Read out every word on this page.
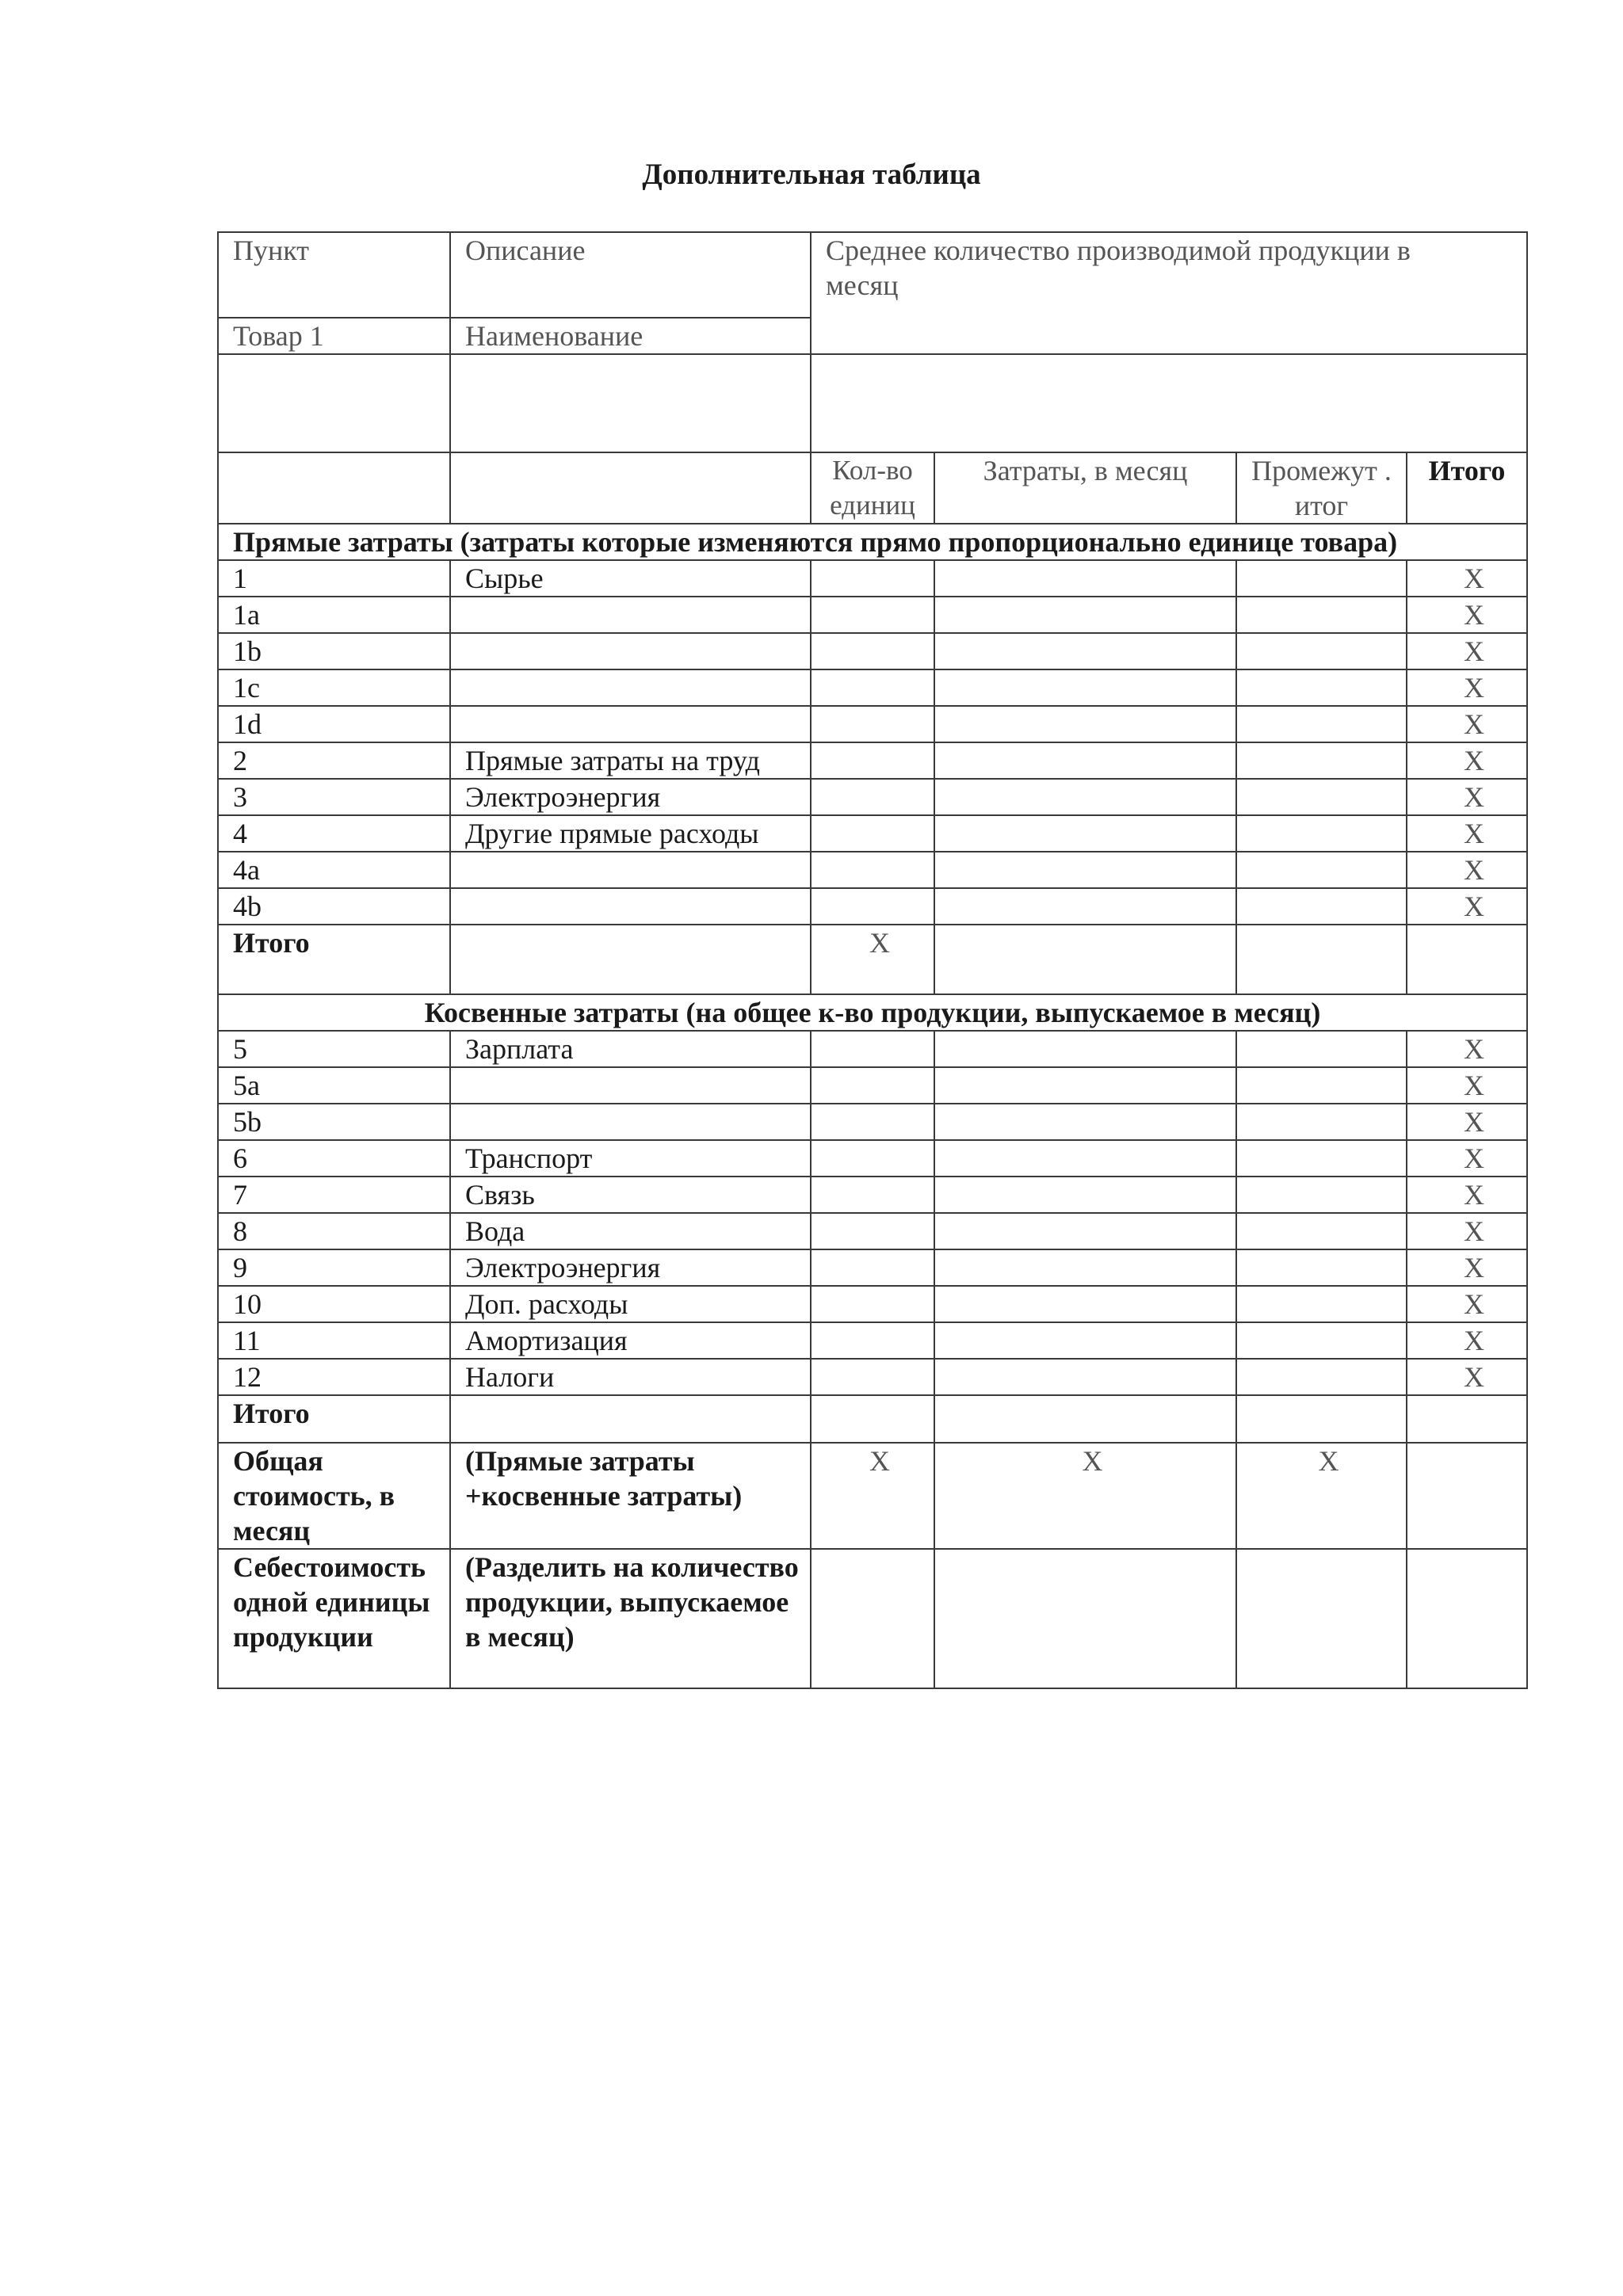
Дополнительная таблица
Пункт	Описание	Среднее количество производимой продукции в месяц			
Товар 1	Наименование				

		Кол-во единиц	Затраты, в месяц	Промежут . итог	Итого
Прямые затраты (затраты которые изменяются прямо пропорционально единице товара)					
1	Сырье				X
1a					X
1b					X
1c					X
1d					X
2	Прямые затраты на труд				X
3	Электроэнергия				X
4	Другие прямые расходы				X
4a					X
4b					X
Итого		X			
Косвенные затраты (на общее к-во продукции, выпускаемое в месяц)					
5	Зарплата				X
5a					X
5b					X
6	Транспорт				X
7	Связь				X
8	Вода				X
9	Электроэнергия				X
10	Доп. расходы				X
11	Амортизация				X
12	Налоги				X
Итого					
Общая стоимость, в месяц	(Прямые затраты +косвенные затраты)	X	X	X	
Себестоимость одной единицы продукции	(Разделить на количество продукции, выпускаемое в месяц)				
